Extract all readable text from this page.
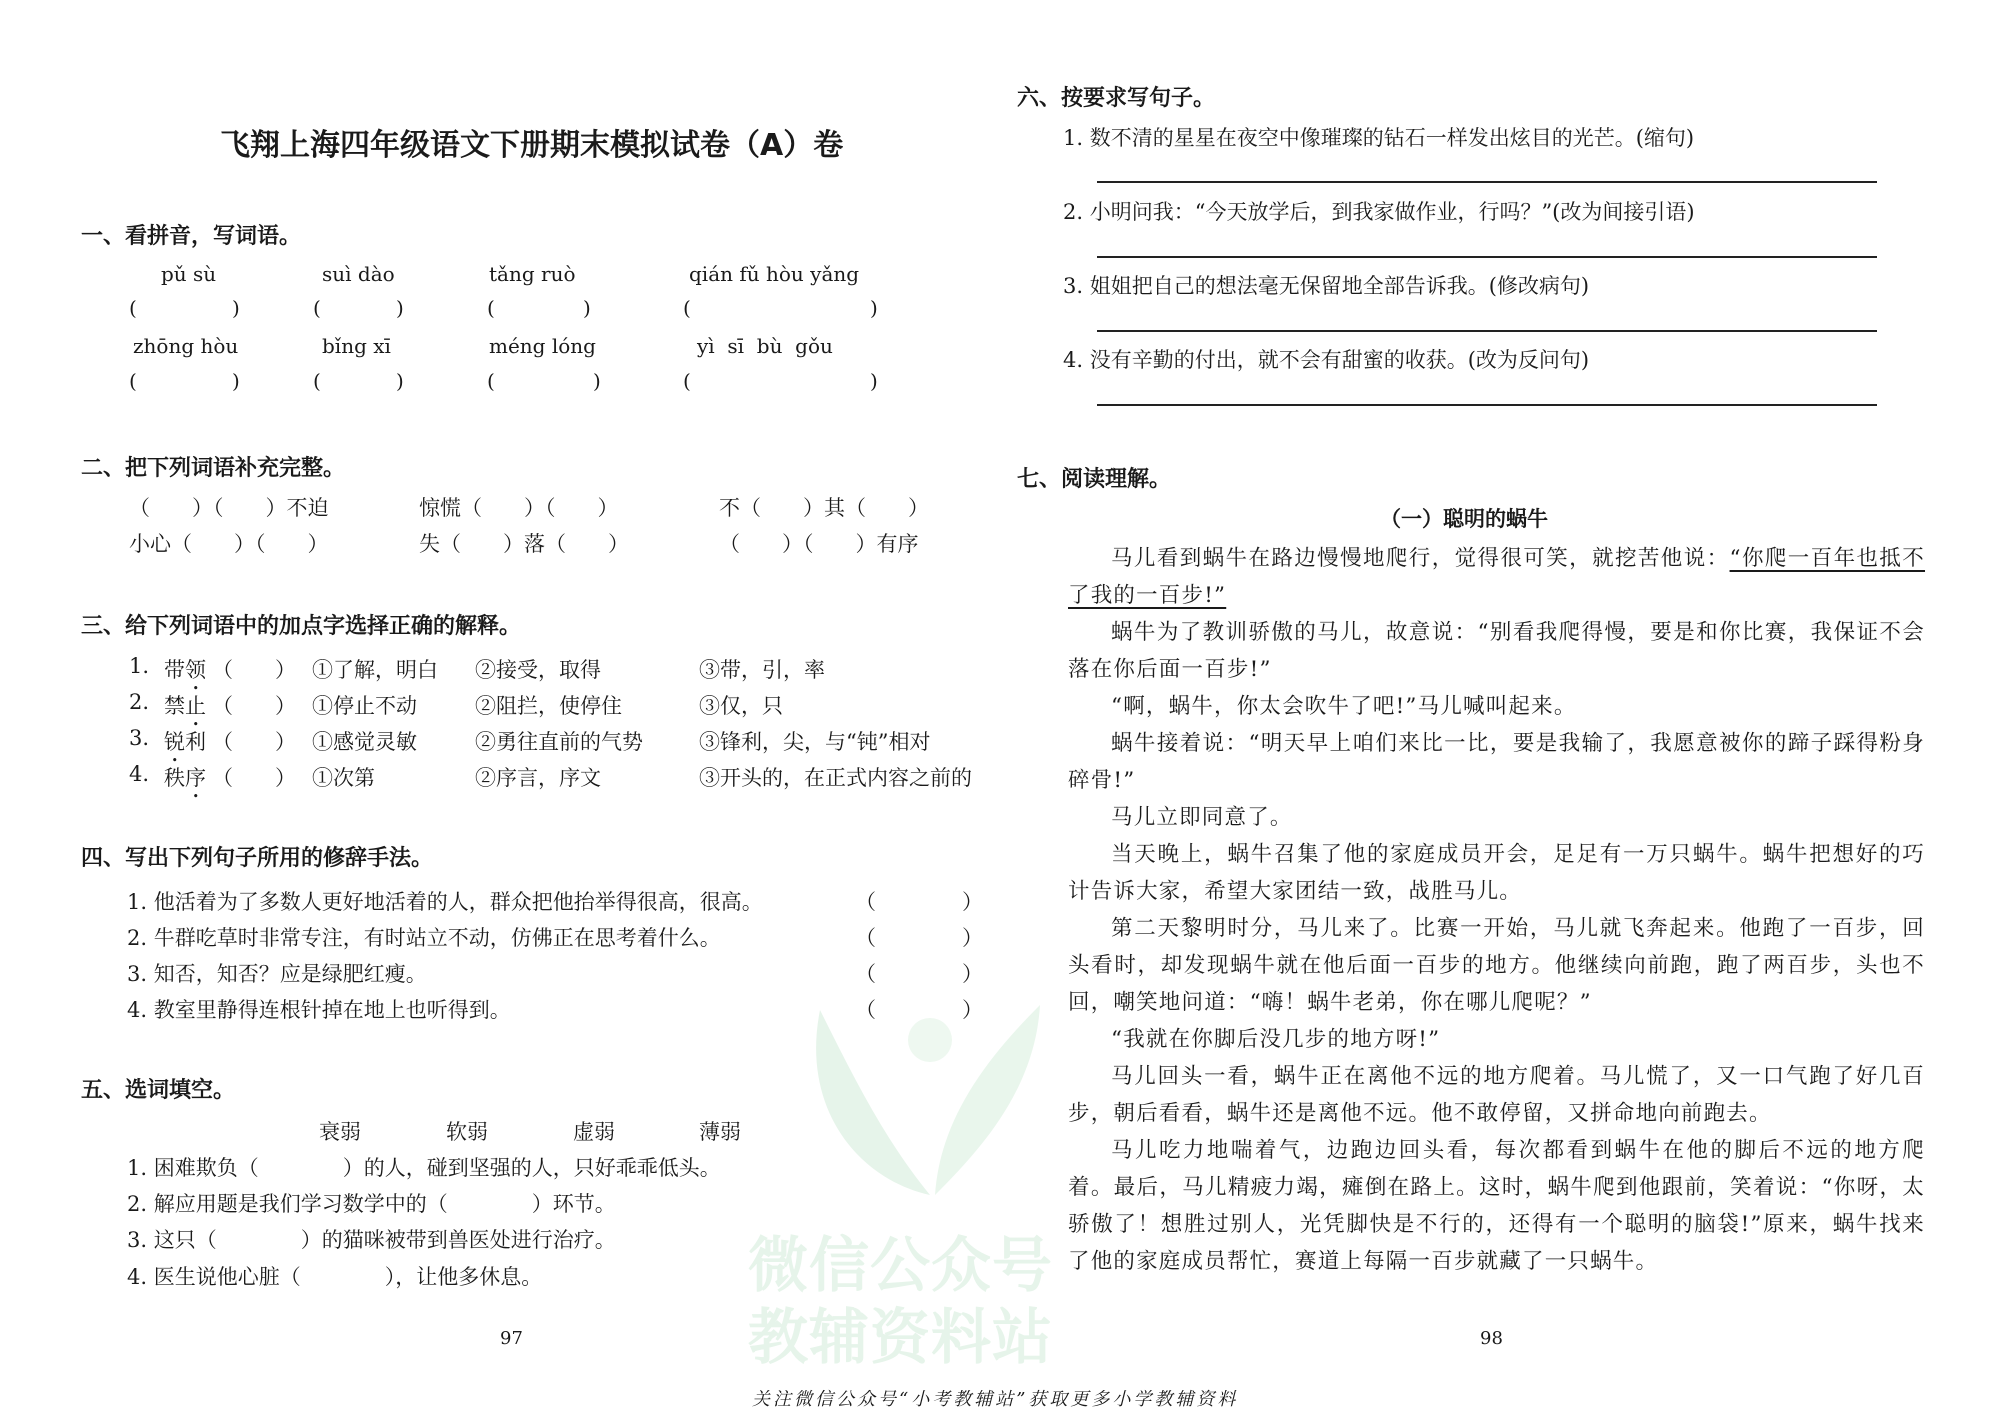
微信公众号
教辅资料站
飞翔上海四年级语文下册期末模拟试卷（A）卷
一、看拼音，写词语。
pǔ sù	suì dào	tǎng ruò	qián fǔ hòu yǎng
(	)	(	)	(	)	(	)
zhōng hòu	bǐng xī	méng lóng	yì  sī  bù  gǒu
(	)	(	)	(	)	(	)
二、把下列词语补充完整。
（　　）（　　）不迫	惊慌（　　）（　　）	不（　　）其（　　）
小心（　　）（　　）	失（　　）落（　　）	（　　）（　　）有序
三、给下列词语中的加点字选择正确的解释。
1. 带领 （　　） ①了解，明白 ②接受，取得	③带，引，率
2. 禁止 （　　） ①停止不动	②阻拦，使停住	③仅，只
3. 锐利 （　　） ①感觉灵敏	②勇往直前的气势	③锋利，尖，与“钝”相对
4. 秩序 （　　） ①次第	②序言，序文	③开头的，在正式内容之前的
四、写出下列句子所用的修辞手法。
1. 他活着为了多数人更好地活着的人，群众把他抬举得很高，很高。	（	）
2. 牛群吃草时非常专注，有时站立不动，仿佛正在思考着什么。	（	）
3. 知否，知否？应是绿肥红瘦。	（	）
4. 教室里静得连根针掉在地上也听得到。	（	）
五、选词填空。
衰弱	软弱	虚弱	薄弱
1. 困难欺负（　　　　）的人，碰到坚强的人，只好乖乖低头。
2. 解应用题是我们学习数学中的（　　　　）环节。
3. 这只（　　　　）的猫咪被带到兽医处进行治疗。
4. 医生说他心脏（　　　　），让他多休息。
97
六、按要求写句子。
1. 数不清的星星在夜空中像璀璨的钻石一样发出炫目的光芒。(缩句)
2. 小明问我：“今天放学后，到我家做作业，行吗？”(改为间接引语)
3. 姐姐把自己的想法毫无保留地全部告诉我。(修改病句)
4. 没有辛勤的付出，就不会有甜蜜的收获。(改为反问句)
七、阅读理解。
（一）聪明的蜗牛

马儿看到蜗牛在路边慢慢地爬行，觉得很可笑，就挖苦他说：“你爬一百年也抵不了我的一百步!”

蜗牛为了教训骄傲的马儿，故意说：“别看我爬得慢，要是和你比赛，我保证不会落在你后面一百步!”

“啊，蜗牛，你太会吹牛了吧!”马儿喊叫起来。

蜗牛接着说：“明天早上咱们来比一比，要是我输了，我愿意被你的蹄子踩得粉身碎骨!”

马儿立即同意了。

当天晚上，蜗牛召集了他的家庭成员开会，足足有一万只蜗牛。蜗牛把想好的巧计告诉大家，希望大家团结一致，战胜马儿。

第二天黎明时分，马儿来了。比赛一开始，马儿就飞奔起来。他跑了一百步，回头看时，却发现蜗牛就在他后面一百步的地方。他继续向前跑，跑了两百步，头也不回，嘲笑地问道：“嗨！蜗牛老弟，你在哪儿爬呢？”

“我就在你脚后没几步的地方呀!”

马儿回头一看，蜗牛正在离他不远的地方爬着。马儿慌了，又一口气跑了好几百步，朝后看看，蜗牛还是离他不远。他不敢停留，又拼命地向前跑去。

马儿吃力地喘着气，边跑边回头看，每次都看到蜗牛在他的脚后不远的地方爬着。最后，马儿精疲力竭，瘫倒在路上。这时，蜗牛爬到他跟前，笑着说：“你呀，太骄傲了！想胜过别人，光凭脚快是不行的，还得有一个聪明的脑袋!”原来，蜗牛找来了他的家庭成员帮忙，赛道上每隔一百步就藏了一只蜗牛。

98
关注微信公众号“小考教辅站”获取更多小学教辅资料
